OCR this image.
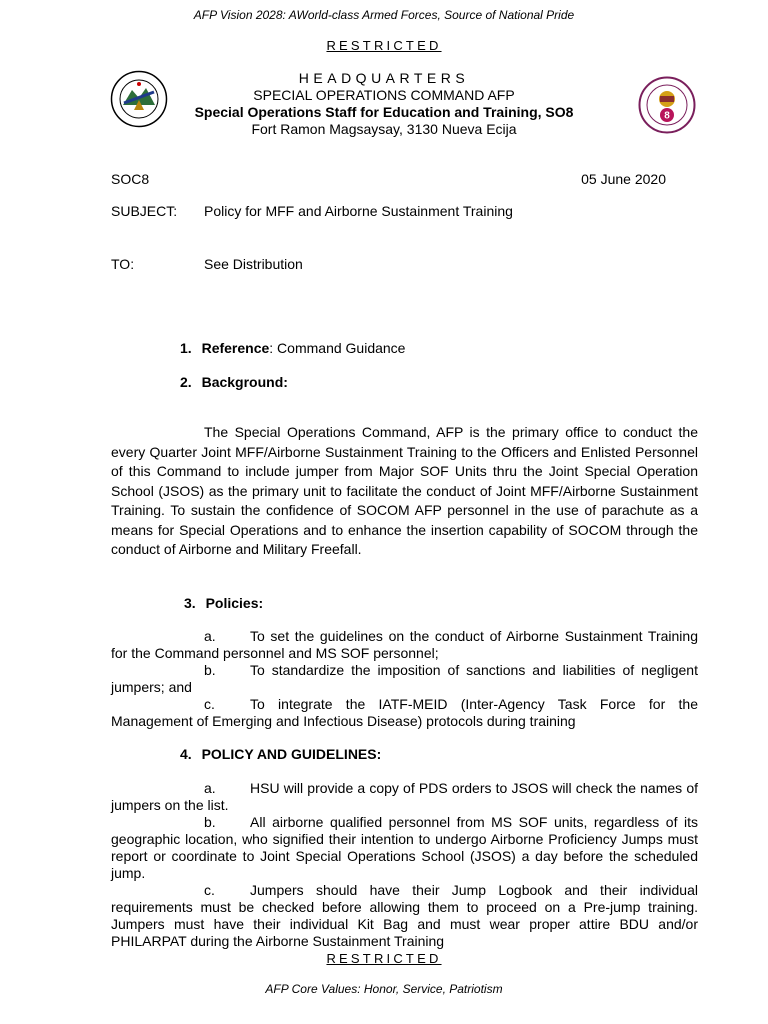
AFP Vision 2028: AWorld-class Armed Forces, Source of National Pride
RESTRICTED
8
HEADQUARTERS
SPECIAL OPERATIONS COMMAND AFP
Special Operations Staff for Education and Training, SO8
Fort Ramon Magsaysay, 3130 Nueva Ecija
SOC8	05 June 2020
SUBJECT: Policy for MFF and Airborne Sustainment Training
TO:	See Distribution
1. Reference: Command Guidance
2. Background:
The Special Operations Command, AFP is the primary office to conduct the every Quarter Joint MFF/Airborne Sustainment Training to the Officers and Enlisted Personnel of this Command to include jumper from Major SOF Units thru the Joint Special Operation School (JSOS) as the primary unit to facilitate the conduct of Joint MFF/Airborne Sustainment Training. To sustain the confidence of SOCOM AFP personnel in the use of parachute as a means for Special Operations and to enhance the insertion capability of SOCOM through the conduct of Airborne and Military Freefall.
3. Policies:
a. To set the guidelines on the conduct of Airborne Sustainment Training for the Command personnel and MS SOF personnel;
b. To standardize the imposition of sanctions and liabilities of negligent jumpers; and
c.	To integrate the IATF-MEID (Inter-Agency Task Force for the Management of Emerging and Infectious Disease) protocols during training
4. POLICY AND GUIDELINES:
a. HSU will provide a copy of PDS orders to JSOS will check the names of jumpers on the list.
b. All airborne qualified personnel from MS SOF units, regardless of its geographic location, who signified their intention to undergo Airborne Proficiency Jumps must report or coordinate to Joint Special Operations School (JSOS) a day before the scheduled jump.
c.	Jumpers should have their Jump Logbook and their individual requirements must be checked before allowing them to proceed on a Pre-jump training. Jumpers must have their individual Kit Bag and must wear proper attire BDU and/or PHILARPAT during the Airborne Sustainment Training
RESTRICTED
AFP Core Values: Honor, Service, Patriotism
